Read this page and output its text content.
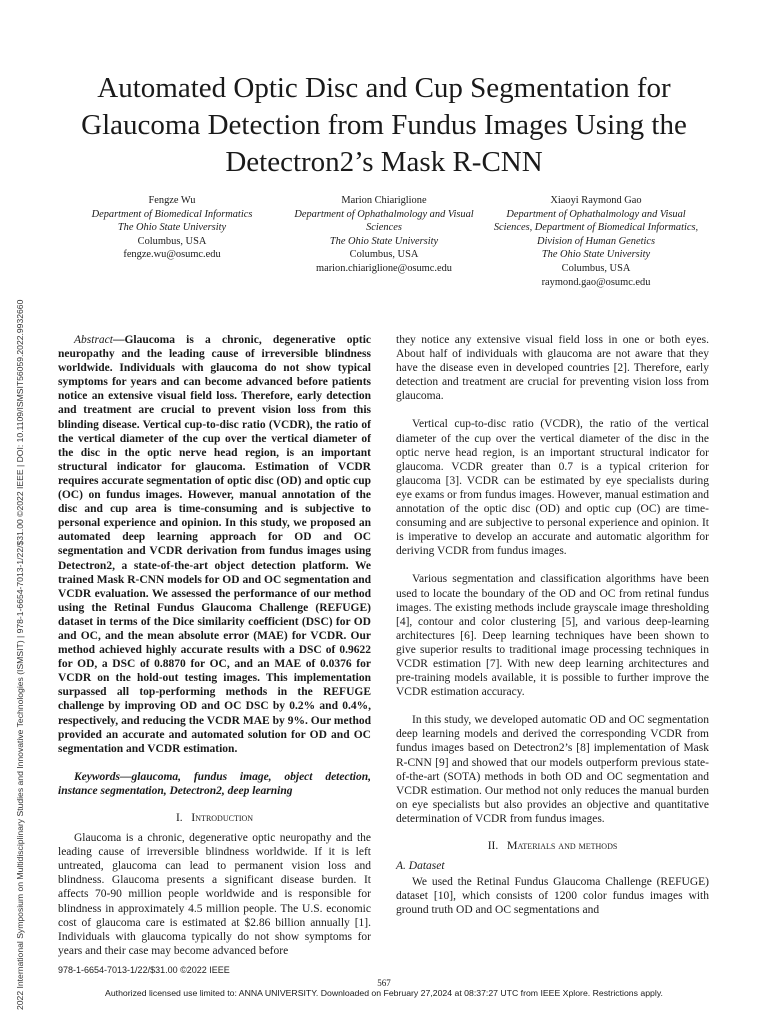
2022 International Symposium on Multidisciplinary Studies and Innovative Technologies (ISMSIT) | 978-1-6654-7013-1/22/$31.00 ©2022 IEEE | DOI: 10.1109/ISMSIT56059.2022.9932660
Automated Optic Disc and Cup Segmentation for Glaucoma Detection from Fundus Images Using the Detectron2’s Mask R-CNN
Fengze Wu
Department of Biomedical Informatics
The Ohio State University
Columbus, USA
fengze.wu@osumc.edu
Marion Chiariglione
Department of Ophathalmology and Visual Sciences
The Ohio State University
Columbus, USA
marion.chiariglione@osumc.edu
Xiaoyi Raymond Gao
Department of Ophathalmology and Visual Sciences, Department of Biomedical Informatics, Division of Human Genetics
The Ohio State University
Columbus, USA
raymond.gao@osumc.edu

Abstract—Glaucoma is a chronic, degenerative optic neuropathy and the leading cause of irreversible blindness worldwide. Individuals with glaucoma do not show typical symptoms for years and can become advanced before patients notice an extensive visual field loss. Therefore, early detection and treatment are crucial to prevent vision loss from this blinding disease. Vertical cup-to-disc ratio (VCDR), the ratio of the vertical diameter of the cup over the vertical diameter of the disc in the optic nerve head region, is an important structural indicator for glaucoma. Estimation of VCDR requires accurate segmentation of optic disc (OD) and optic cup (OC) on fundus images. However, manual annotation of the disc and cup area is time-consuming and is subjective to personal experience and opinion. In this study, we proposed an automated deep learning approach for OD and OC segmentation and VCDR derivation from fundus images using Detectron2, a state-of-the-art object detection platform. We trained Mask R-CNN models for OD and OC segmentation and VCDR evaluation. We assessed the performance of our method using the Retinal Fundus Glaucoma Challenge (REFUGE) dataset in terms of the Dice similarity coefficient (DSC) for OD and OC, and the mean absolute error (MAE) for VCDR. Our method achieved highly accurate results with a DSC of 0.9622 for OD, a DSC of 0.8870 for OC, and an MAE of 0.0376 for VCDR on the hold-out testing images. This implementation surpassed all top-performing methods in the REFUGE challenge by improving OD and OC DSC by 0.2% and 0.4%, respectively, and reducing the VCDR MAE by 9%. Our method provided an accurate and automated solution for OD and OC segmentation and VCDR estimation.

Keywords—glaucoma, fundus image, object detection, instance segmentation, Detectron2, deep learning

I. Introduction

Glaucoma is a chronic, degenerative optic neuropathy and the leading cause of irreversible blindness worldwide. If it is left untreated, glaucoma can lead to permanent vision loss and blindness. Glaucoma presents a significant disease burden. It affects 70-90 million people worldwide and is responsible for blindness in approximately 4.5 million people. The U.S. economic cost of glaucoma care is estimated at $2.86 billion annually [1]. Individuals with glaucoma typically do not show symptoms for years and their case may become advanced before

they notice any extensive visual field loss in one or both eyes. About half of individuals with glaucoma are not aware that they have the disease even in developed countries [2]. Therefore, early detection and treatment are crucial for preventing vision loss from glaucoma.

Vertical cup-to-disc ratio (VCDR), the ratio of the vertical diameter of the cup over the vertical diameter of the disc in the optic nerve head region, is an important structural indicator for glaucoma. VCDR greater than 0.7 is a typical criterion for glaucoma [3]. VCDR can be estimated by eye specialists during eye exams or from fundus images. However, manual estimation and annotation of the optic disc (OD) and optic cup (OC) are time-consuming and are subjective to personal experience and opinion. It is imperative to develop an accurate and automatic algorithm for deriving VCDR from fundus images.

Various segmentation and classification algorithms have been used to locate the boundary of the OD and OC from retinal fundus images. The existing methods include grayscale image thresholding [4], contour and color clustering [5], and various deep-learning architectures [6]. Deep learning techniques have been shown to give superior results to traditional image processing techniques in VCDR estimation [7]. With new deep learning architectures and pre-training models available, it is possible to further improve the VCDR estimation accuracy.

In this study, we developed automatic OD and OC segmentation deep learning models and derived the corresponding VCDR from fundus images based on Detectron2’s [8] implementation of Mask R-CNN [9] and showed that our models outperform previous state-of-the-art (SOTA) methods in both OD and OC segmentation and VCDR estimation. Our method not only reduces the manual burden on eye specialists but also provides an objective and quantitative determination of VCDR from fundus images.

II. Materials and methods

A. Dataset

We used the Retinal Fundus Glaucoma Challenge (REFUGE) dataset [10], which consists of 1200 color fundus images with ground truth OD and OC segmentations and

978-1-6654-7013-1/22/$31.00 ©2022 IEEE
567
Authorized licensed use limited to: ANNA UNIVERSITY. Downloaded on February 27,2024 at 08:37:27 UTC from IEEE Xplore. Restrictions apply.
